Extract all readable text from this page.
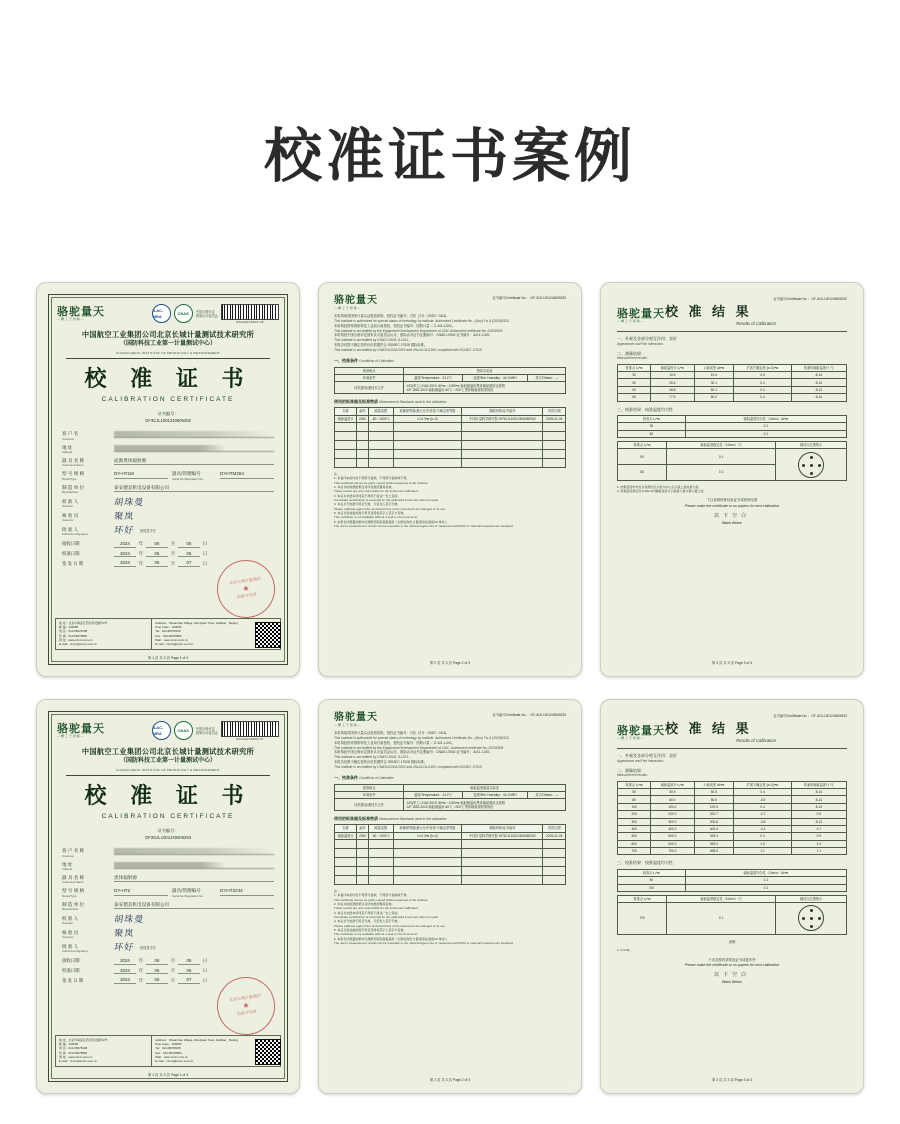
校准证书案例
骆驼量天
— 精 工 于 智 制 —
ILAC-MRA
CNAS	中国合格评定
国家认可委员会
RA032240600 28
中国航空工业集团公司北京长城计量测试技术研究所
（国防科技工业第一计量测试中心）
CHANGCHENG INSTITUTE OF METROLOGY & MEASUREMENT
校 准 证 书
CALIBRATION CERTIFICATE
证书编号：
GF3CJL1001240605292
客 户 名
Customer
地 址
Address
器 具 名 称
Instrument Name
面源黑体辐射源
型 号 规 格
Model/Type
DY-HT1M	器具/管理编号
Serial No./Regulation No.
DYHTM264
制 造 单 位
Manufacturer
泰安德美机电设备有限公司
校 准 人
Operator	胡珠曼
核 验 员
Inspector	聚岚
批 准 人
Authorized Signatory	环好 授权签字栏
接收日期	2024	年	06	月	05	日
校准日期	2024	年	06	月	06	日
签 发 日 期	2024	年	06	月	07	日
北京长城计量测试
★
校准专用章
地 址：北京市海淀区西四环北路甲2号
邮 编：100095
电 话：010-68378108
传 真：010-68378866
网 址：www.cimm.com.cn
E-mail：cimm@cimm.com.cn
Address：ShuanXiao Village, WenQuan Town, HaiDian，Beijing
Post Code：100095
Tel：010-68378108
Fax：010-68378866
Web：www.cimm.com.cn
E-mail：cimm@cimm.com.cn
第 1 页 共 3 页 Page 1 of 3
骆驼量天
— 精 工 于 智 制 —
证书编号/Certificate No. ：GF-JKJL1001240605292
本机构取得国家计量认证资质机构，授权证书编号：（国）法计（2020）0115。
This institute is authorized for special status of metrology by institute, Authorized Certificate No.: (Guo) Fa Ji (2020)0115.
本机构经国家国防科技工业局行政授权，授权证书编号：国防计量（ Z-JL5-1-001。
This institute is accredited by the Equipment Development Department of CMC Authorized certificate No.:20230009
本机构经中国合格评定国家认可委员会认可，国际认可证书注册编号：CNAS L0042 证书编号：JLK1-1-001
This institute is accredited by CNAS L0042, ILOO1...
本报告结果不确定性的评估依据符合 ISO/IEC 17025 国际标准。
This institute is accredited by CNAS/JCN/JL0002 and JNLAC/JLG100, compliant with ISO/IEC 17025
一、校准条件 Conditions of Calibration
校准地点	黑体实验室		
环境条件	温度/Temperature：24.2℃	湿度/Rel. Humidity：44.1%RH	其它/Others：—
所依据/参照技术文件	JJG(军工) 2162-2019 -50℃～1000℃ 辐射测温用黑体辐射源检定规程
JJF 1552-2015 辐射测温用-60℃～200℃ 黑体辐射源校准规范		
使用的标准器及标准物质 Measurement Standards used in this calibration
名称	编号	测量范围	准确度等级/最大允许误差/不确定度等级	溯源机构/证书编号	有效日期
辐射温度计	2000	-50～1000℃	U=0.3℃ (k=2)	中国计量科学研究院 GF3CJL10012406050930	2025-01-05

注：
1. 本复印本的内容不得部分复制，不得部分复制或不得。
This certificate cannot be partly copied without approval of the institute.
2. 本证书的检测结果仅对所校准的器具有效。
These results are only responsible for the instrument calibrated.
3. 本证书未经本所同意不得用于商业广告之目的。
Immediate recalibration is essential for the calibrated instrument after its repair.
4. 本证书无校准专用章无效，无签发人签字无效。
Please calibrate again if the technical limits of the instrument are changed or its use.
5. 本证书需加盖校准专用章及授权签字人签字方有效。
This certificate is not available without a seal on the front cover.
6. 本报告所测量结果均可溯源至国家测量基准（全国标准化计量/国家标准值/SI 单位）。
The user's measurement results can be traceable to the national legal units of measurement/SI/ISO or national measurement standard.
第 2 页 共 3 页 Page 2 of 3
证书编号/Certificate No. ：GF-JKJL1001240605292
骆驼量天
— 精 工 于 智 制 —
校 准 结 果
Results of Calibration
一、外观及各部分相互作用：良好
Appearance and Part Interaction：
二、测量结果：
Measurement results：
校准点 t₀/℃	辐射温度计 t₁/℃	示值误差 Δt/℃	扩展不确定度 (k=2)/℃	传递用辐射温度计 /℃
30	10.5	10.0	0.5	8-14
50	26.6	30.1	0.4	8-14
50	48.8	50.1	0.4	8-14
80	77.6	80.0	0.4	8-14
三、校准结果：校准温度均匀性
校准点 t₀/℃	辐射温度均匀性（10min）Δt/℃
30	0.1
50	0.1
校准点 t₀/℃	辐射温度稳定性（10min）/℃	测试点位置图示
50	0.1	

80	0.1	
1. 结果温度均匀性为各测试点示值与中心点示值之差的最大值。
2. 结果温度稳定性为10min内辐射温度计示值最大值与最小值之差。
下注说明校准结束证书或校准结果
Please make the certificate or no papers for next calibration
以下空白
Blank Below
第 3 页 共 3 页 Page 3 of 3
骆驼量天
— 精 工 于 智 制 —
ILAC-MRA
CNAS	中国合格评定
国家认可委员会
RA032240600 27
中国航空工业集团公司北京长城计量测试技术研究所
（国防科技工业第一计量测试中心）
CHANGCHENG INSTITUTE OF METROLOGY & MEASUREMENT
校 准 证 书
CALIBRATION CERTIFICATE
证书编号：
GF3GJL1001240605293
客 户 名 称
Customer
地 址
Address
器 具 名 称
Instrument Name
黑体辐射源
型 号 规 格
Model/Type
DY-HT2	器具/管理编号
Serial No./Regulation No.
DYHT2244
制 造 单 位
Manufacturer
泰安德美机电设备有限公司
校 准 人
Operator	胡珠曼
核 验 员
Inspector	聚岚
批 准 人
Authorized Signatory	环好 授权签字栏
接收日期	2024	年	06	月	05	日
校准日期	2024	年	06	月	06	日
签 发 日 期	2024	年	06	月	07	日
北京长城计量测试
★
校准专用章
地 址：北京市海淀区西四环北路甲2号
邮 编：100095
电 话：010-68378108
传 真：010-68378866
网 址：www.cimm.com.cn
E-mail：cimm@cimm.com.cn
Address：ShuanXiao Village, WenQuan Town, HaiDian，Beijing
Post Code：100095
Tel：010-68378108
Fax：010-68378866
Web：www.cimm.com.cn
E-mail：cimm@cimm.com.cn
第 1 页 共 3 页 Page 1 of 3
骆驼量天
— 精 工 于 智 制 —
证书编号/Certificate No. ：GF-JKJL1001240605293
本机构取得国家计量认证资质机构，授权证书编号：（国）法计（2020）0115。
This institute is authorized for special status of metrology by institute, Authorized Certificate No.: (Guo) Fa Ji (2020)0115.
本机构经国家国防科技工业局行政授权，授权证书编号：国防计量（ Z-JL5-1-001。
This institute is accredited by the Equipment Development Department of CMC, Authorized certificate No.:20230009
本机构经中国合格评定国家认可委员会认可，国际认可证书注册编号：CNAS L0042 证书编号：JLK1-1-001
This institute is accredited by CNAS L0042, ILOO1...
本报告结果不确定性的评估依据符合 ISO/IEC 17025 国际标准。
This institute is accredited by CNAS/JCN/JL0002 and JNLAC/JLG100, compliant with ISO/IEC 17025
一、校准条件 Conditions of Calibration
校准地点	辐射温度测量实验室		
环境条件	温度/Temperature：24.2℃	湿度/Rel. Humidity：44.1%RH	其它/Others：—
所依据/参照技术文件	JJG(军工) 2162-2019 -50℃～1000℃ 辐射测温用黑体辐射源检定规程
JJF 1552-2015 辐射测温用-60℃～200℃ 黑体辐射源校准规范		
使用的标准器及标准物质 Measurement Standards used in this calibration
名称	编号	测量范围	准确度等级/最大允许误差/不确定度等级	溯源机构/证书编号	有效日期
辐射温度计	2000	-50～1000℃	U=0.3℃ (k=2)	中国计量科学研究院 GF3CJL10012406050930	2025-01-05

注：
1. 本复印本的内容不得部分复制，不得部分复制或不得。
This certificate cannot be partly copied without approval of the institute.
2. 本证书的检测结果仅对所校准的器具有效。
These results are only responsible for the instrument calibrated.
3. 本证书未经本所同意不得用于商业广告之目的。
Immediate recalibration is essential for the calibrated instrument after its repair.
4. 本证书无校准专用章无效，无签发人签字无效。
Please calibrate again if the technical limits of the instrument are changed or its use.
5. 本证书需加盖校准专用章及授权签字人签字方有效。
This certificate is not available without a seal on the front cover.
6. 本报告所测量结果均可溯源至国家测量基准（全国标准化计量/国家标准值/SI 单位）。
The user's measurement results can be traceable to the national legal units of measurement/SI/ISO or national measurement standard.
第 2 页 共 3 页 Page 2 of 3
证书编号/Certificate No. ：GF-JKJL1001240605293
骆驼量天
— 精 工 于 智 制 —
校 准 结 果
Results of Calibration
一、外观及各部分相互作用：良好
Appearance and Part Interaction：
二、测量结果：
Measurement results：
校准点 t₀/℃	辐射温度计 t₁/℃	示值误差 Δt/℃	扩展不确定度 (k=2)/℃	传递用辐射温度计 /℃
50	50.9	50.5	0.4	8-14
80	80.0	80.5	-0.5	8-14
100	100.0	100.5	0.4	8-14
200	200.0	200.7	-0.7	0.5
300	300.0	300.8	-0.8	8-14
400	400.0	400.4	-0.4	0.7
500	500.0	499.4	0.4	0.9
600	600.0	599.0	1.0	1.0
700	700.0	698.9	1.1	1.1
三、校准结果：校准温度均匀性
校准点 t₀/℃	辐射温度均匀性（10min）Δt/℃
50	0.1
700	0.1
校准点 t₀/℃	辐射温度稳定性（10min）/℃	测试点位置图示
700	0.1	
说明
1. ε=1.00。
下次送校时请带此证书或复印件
Please make the certificate or no papers for next calibration
以下空白
Blank Below
第 3 页 共 3 页 Page 3 of 3
